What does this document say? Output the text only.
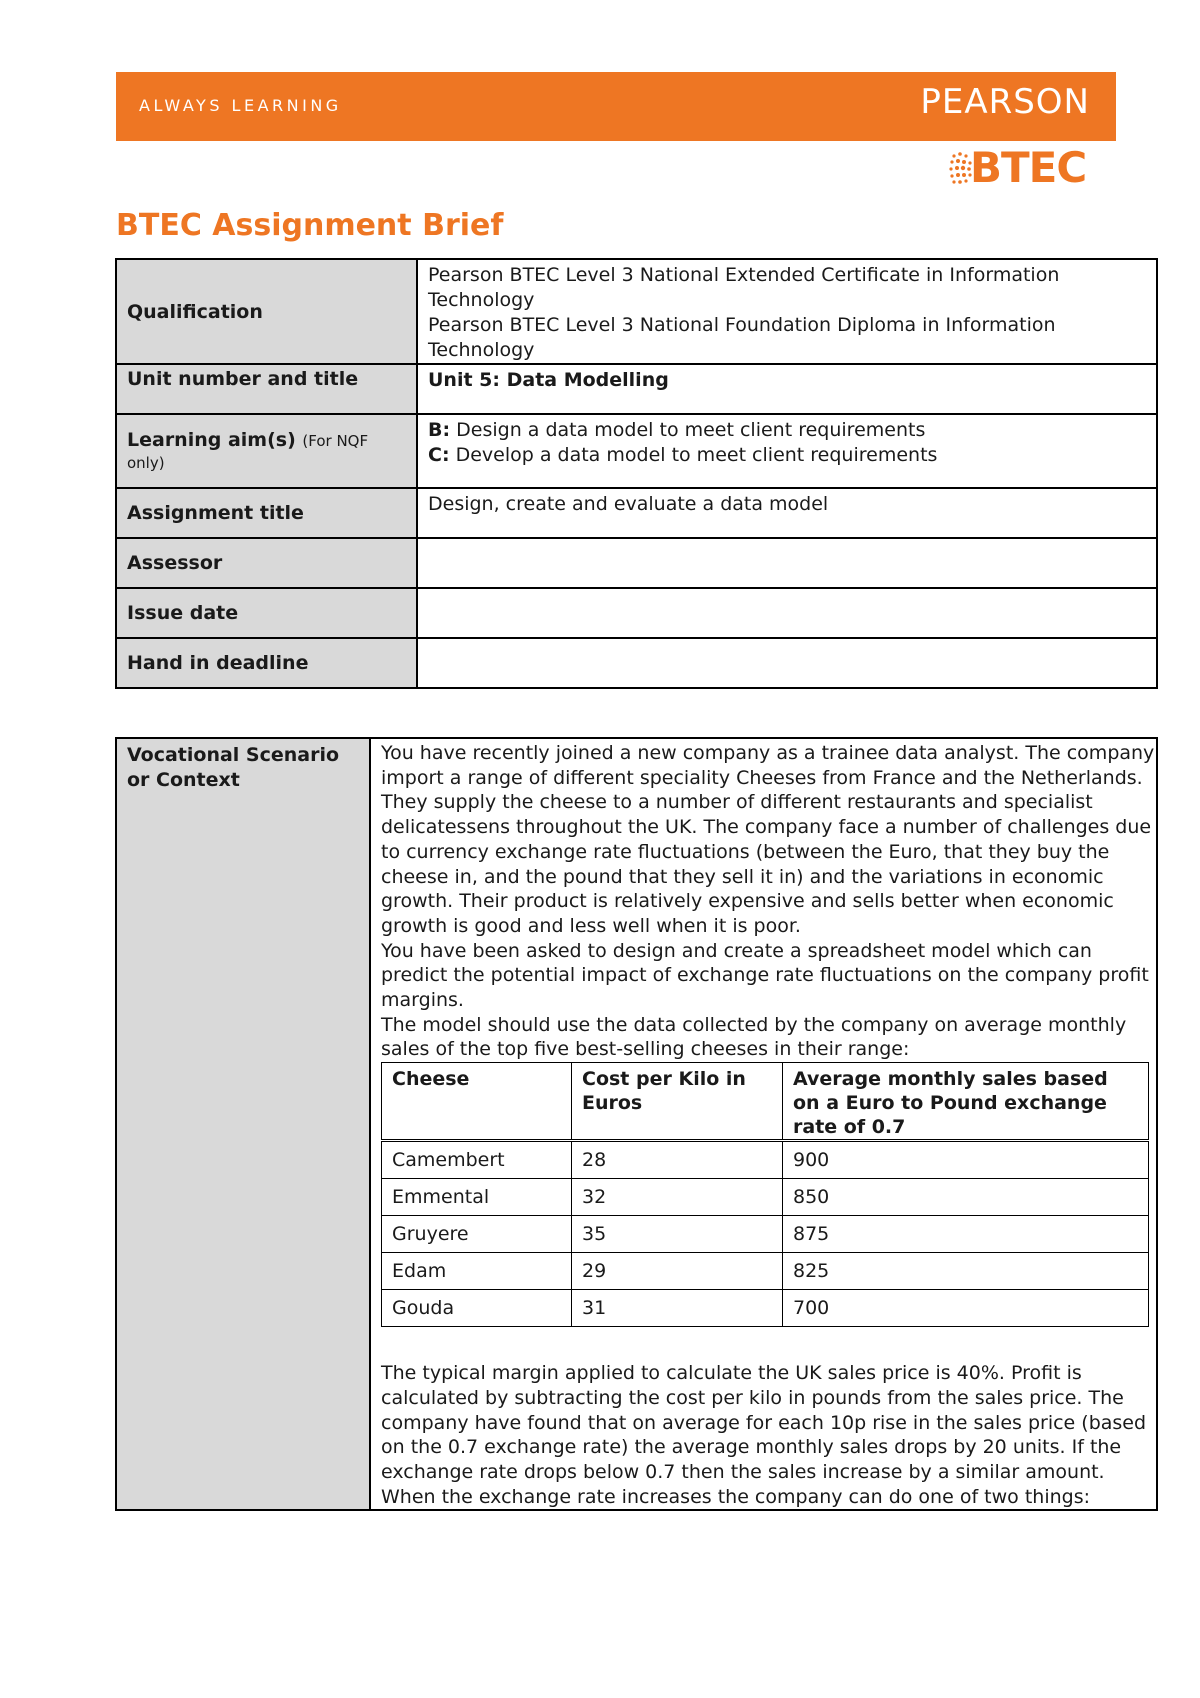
ALWAYS LEARNING	PEARSON
BTEC
BTEC Assignment Brief
Qualification	Pearson BTEC Level 3 National Extended Certificate in Information Technology
Pearson BTEC Level 3 National Foundation Diploma in Information Technology

Unit number and title	Unit 5: Data Modelling
Learning aim(s) (For NQF only)	B: Design a data model to meet client requirements
C: Develop a data model to meet client requirements

Assignment title	Design, create and evaluate a data model
Assessor	
Issue date	
Hand in deadline	
Vocational Scenario or Context	

You have recently joined a new company as a trainee data analyst. The company import a range of different speciality Cheeses from France and the Netherlands. They supply the cheese to a number of different restaurants and specialist delicatessens throughout the UK. The company face a number of challenges due to currency exchange rate fluctuations (between the Euro, that they buy the cheese in, and the pound that they sell it in) and the variations in economic growth. Their product is relatively expensive and sells better when economic growth is good and less well when it is poor.

You have been asked to design and create a spreadsheet model which can predict the potential impact of exchange rate fluctuations on the company profit margins.

The model should use the data collected by the company on average monthly sales of the top five best-selling cheeses in their range:

Cheese	Cost per Kilo in Euros	Average monthly sales based on a Euro to Pound exchange rate of 0.7
Camembert	28	900
Emmental	32	850
Gruyere	35	875
Edam	29	825
Gouda	31	700

The typical margin applied to calculate the UK sales price is 40%. Profit is calculated by subtracting the cost per kilo in pounds from the sales price. The company have found that on average for each 10p rise in the sales price (based on the 0.7 exchange rate) the average monthly sales drops by 20 units. If the exchange rate drops below 0.7 then the sales increase by a similar amount.

When the exchange rate increases the company can do one of two things:
